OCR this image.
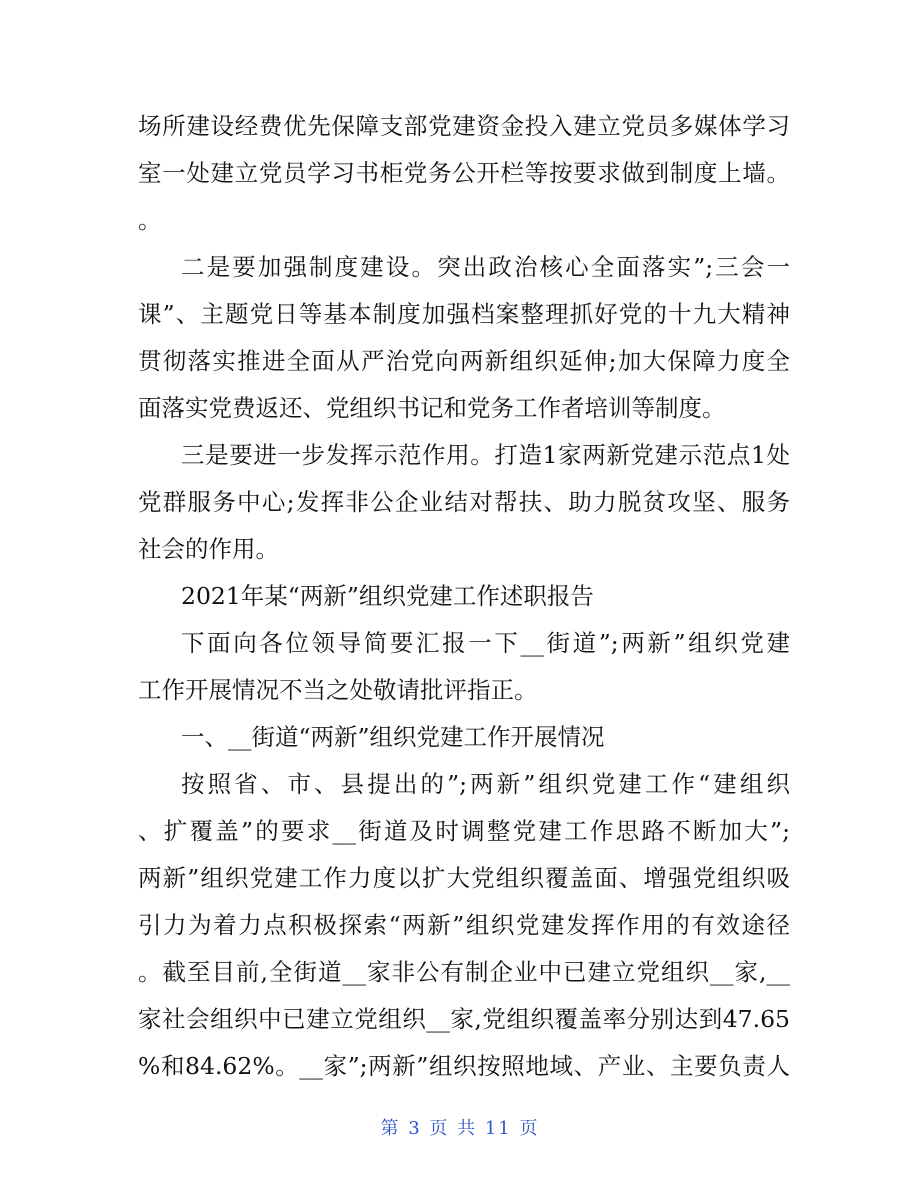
场所建设经费优先保障支部党建资金投入建立党员多媒体学习
室一处建立党员学习书柜党务公开栏等按要求做到制度上墙。
。
二是要加强制度建设。突出政治核心全面落实”;三会一
课”、主题党日等基本制度加强档案整理抓好党的十九大精神
贯彻落实推进全面从严治党向两新组织延伸;加大保障力度全
面落实党费返还、党组织书记和党务工作者培训等制度。
三是要进一步发挥示范作用。打造1家两新党建示范点1处
党群服务中心;发挥非公企业结对帮扶、助力脱贫攻坚、服务
社会的作用。
2021年某“两新”组织党建工作述职报告
下面向各位领导简要汇报一下__街道”;两新”组织党建
工作开展情况不当之处敬请批评指正。
一、__街道“两新”组织党建工作开展情况
按照省、市、县提出的”;两新”组织党建工作“建组织
、扩覆盖”的要求__街道及时调整党建工作思路不断加大”;
两新”组织党建工作力度以扩大党组织覆盖面、增强党组织吸
引力为着力点积极探索“两新”组织党建发挥作用的有效途径
。截至目前,全街道__家非公有制企业中已建立党组织__家,__
家社会组织中已建立党组织__家,党组织覆盖率分别达到47.65
%和84.62%。__家”;两新”组织按照地域、产业、主要负责人
第 3 页 共 11 页
